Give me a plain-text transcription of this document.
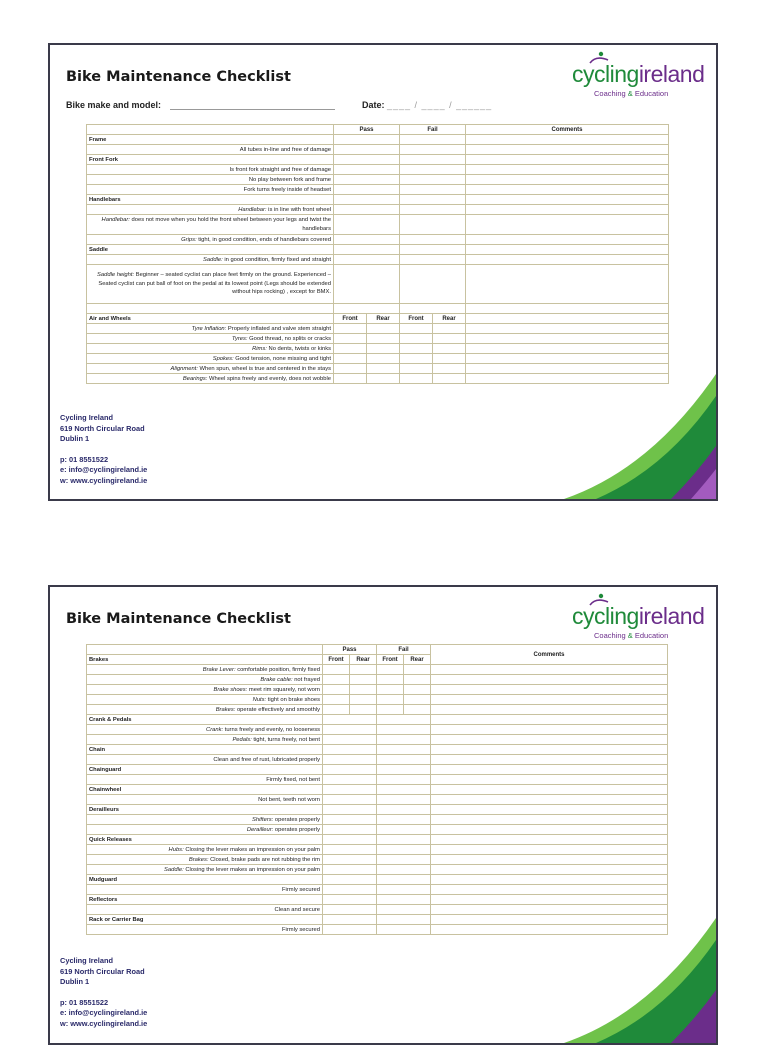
Bike Maintenance Checklist	cyclingireland
Coaching & Education
Bike make and model:	Date: ____ / ____ / ______
	Pass		Fail		Comments
Frame					
All tubes in-line and free of damage					
Front Fork					
Is front fork straight and free of damage					
No play between fork and frame					
Fork turns freely inside of headset					
Handlebars					
Handlebar: is in line with front wheel					
Handlebar: does not move when you hold the front wheel between your legs and twist the handlebars					
Grips: tight, in good condition, ends of handlebars covered					
Saddle					
Saddle: in good condition, firmly fixed and straight					
Saddle height: Beginner – seated cyclist can place feet firmly on the ground. Experienced – Seated cyclist can put ball of foot on the pedal at its lowest point (Legs should be extended without hips rocking) , except for BMX.					

Air and Wheels	Front	Rear	Front	Rear	
Tyre Inflation: Properly inflated and valve stem straight					
Tyres: Good thread, no splits or cracks					
Rims: No dents, twists or kinks					
Spokes: Good tension, none missing and tight					
Alignment: When spun, wheel is true and centered in the stays					
Bearings: Wheel spins freely and evenly, does not wobble					
Cycling Ireland
619 North Circular Road
Dublin 1
p: 01 8551522
e: info@cyclingireland.ie
w: www.cyclingireland.ie
Bike Maintenance Checklist	cyclingireland
Coaching & Education
	Pass		Fail		Comments
Brakes	Front	Rear	Front	Rear	
Brake Lever: comfortable position, firmly fixed					
Brake cable: not frayed					
Brake shoes: meet rim squarely, not worn					
Nuts: tight on brake shoes					
Brakes: operate effectively and smoothly					
Crank & Pedals					
Crank: turns freely and evenly, no looseness					
Pedals: tight, turns freely, not bent					
Chain					
Clean and free of rust, lubricated properly					
Chainguard					
Firmly fixed, not bent					
Chainwheel					
Not bent, teeth not worn					
Derailleurs					
Shifters: operates properly					
Derailleur: operates properly					
Quick Releases					
Hubs: Closing the lever makes an impression on your palm					
Brakes: Closed, brake pads are not rubbing the rim					
Saddle: Closing the lever makes an impression on your palm					
Mudguard					
Firmly secured					
Reflectors					
Clean and secure					
Rack or Carrier Bag					
Firmly secured					
Cycling Ireland
619 North Circular Road
Dublin 1
p: 01 8551522
e: info@cyclingireland.ie
w: www.cyclingireland.ie
